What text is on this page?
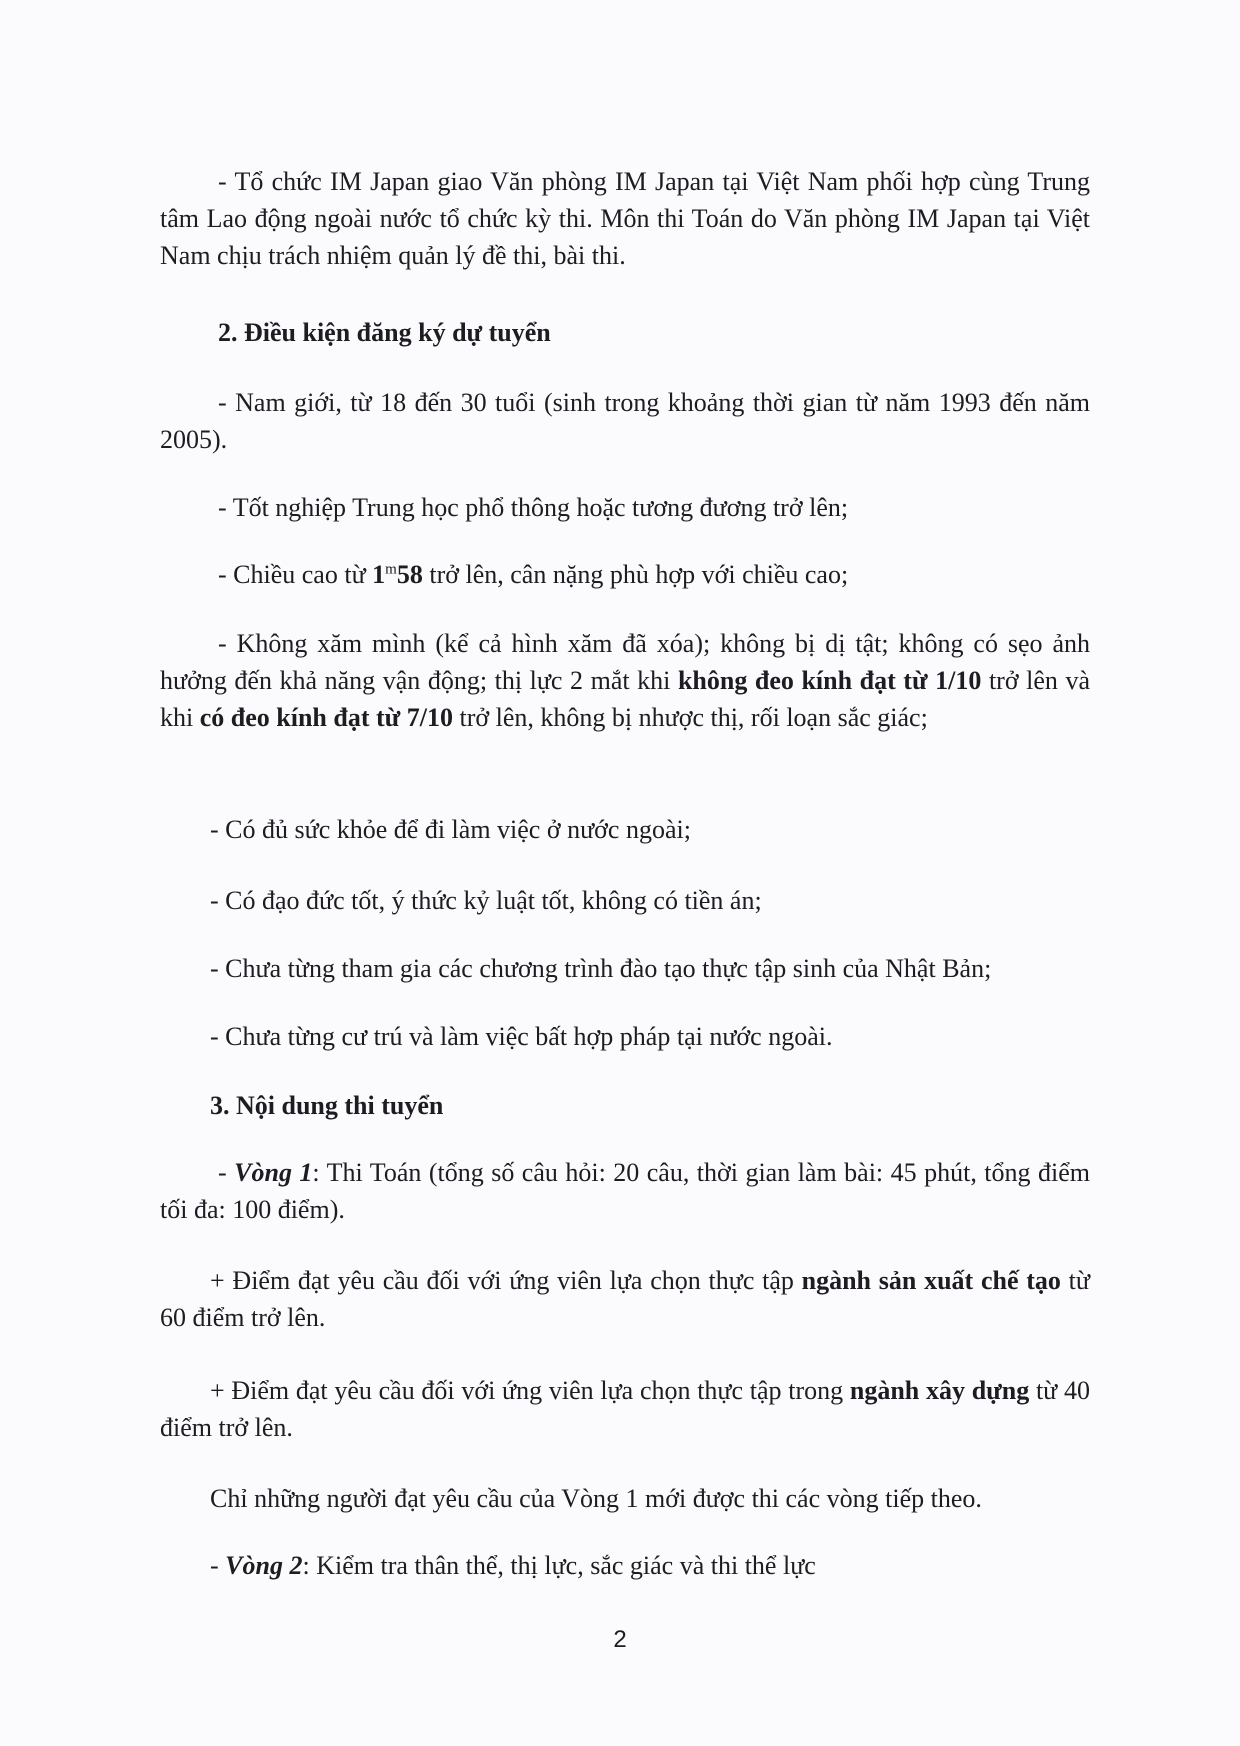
- Tổ chức IM Japan giao Văn phòng IM Japan tại Việt Nam phối hợp cùng Trung tâm Lao động ngoài nước tổ chức kỳ thi. Môn thi Toán do Văn phòng IM Japan tại Việt Nam chịu trách nhiệm quản lý đề thi, bài thi.

2. Điều kiện đăng ký dự tuyển

- Nam giới, từ 18 đến 30 tuổi (sinh trong khoảng thời gian từ năm 1993 đến năm 2005).

- Tốt nghiệp Trung học phổ thông hoặc tương đương trở lên;

- Chiều cao từ 1$^m$58 trở lên, cân nặng phù hợp với chiều cao;

- Không xăm mình (kể cả hình xăm đã xóa); không bị dị tật; không có sẹo ảnh hưởng đến khả năng vận động; thị lực 2 mắt khi không đeo kính đạt từ 1/10 trở lên và khi có đeo kính đạt từ 7/10 trở lên, không bị nhược thị, rối loạn sắc giác;

- Có đủ sức khỏe để đi làm việc ở nước ngoài;

- Có đạo đức tốt, ý thức kỷ luật tốt, không có tiền án;

- Chưa từng tham gia các chương trình đào tạo thực tập sinh của Nhật Bản;

- Chưa từng cư trú và làm việc bất hợp pháp tại nước ngoài.

3. Nội dung thi tuyển

- Vòng 1: Thi Toán (tổng số câu hỏi: 20 câu, thời gian làm bài: 45 phút, tổng điểm tối đa: 100 điểm).

+ Điểm đạt yêu cầu đối với ứng viên lựa chọn thực tập ngành sản xuất chế tạo từ 60 điểm trở lên.

+ Điểm đạt yêu cầu đối với ứng viên lựa chọn thực tập trong ngành xây dựng từ 40 điểm trở lên.

Chỉ những người đạt yêu cầu của Vòng 1 mới được thi các vòng tiếp theo.

- Vòng 2: Kiểm tra thân thể, thị lực, sắc giác và thi thể lực

2
